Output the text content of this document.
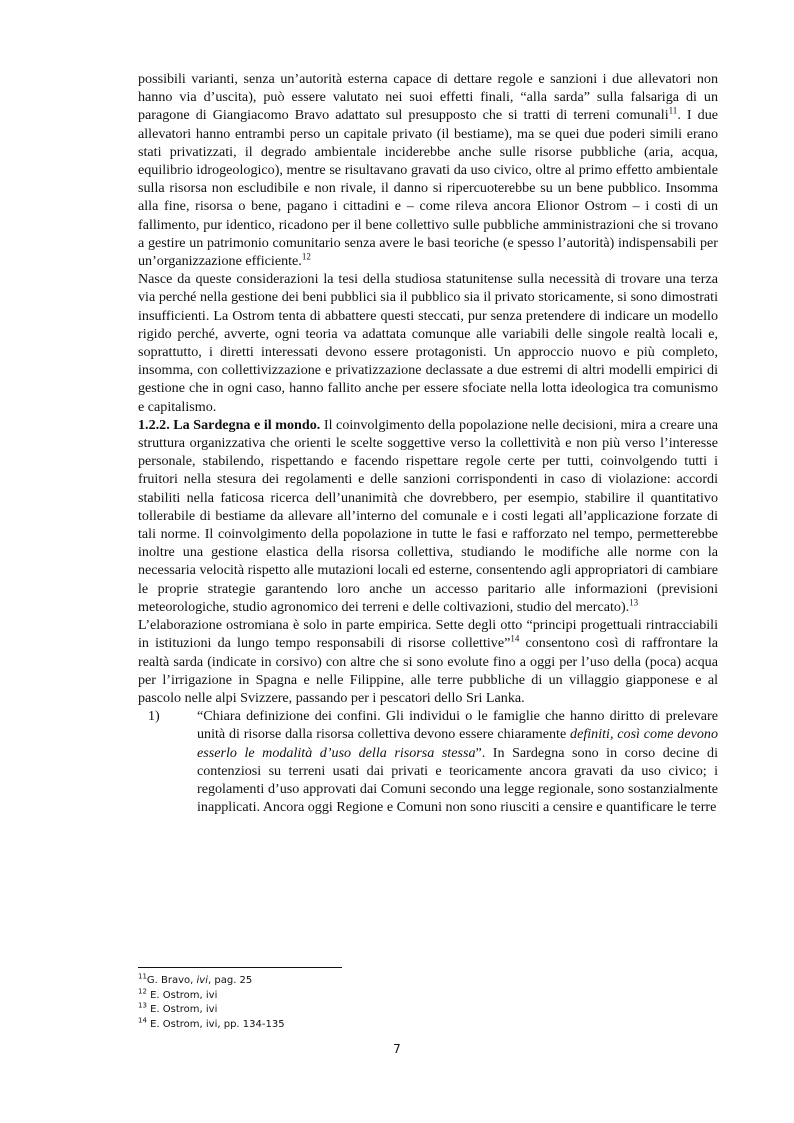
possibili varianti, senza un’autorità esterna capace di dettare regole e sanzioni i due allevatori non hanno via d’uscita), può essere valutato nei suoi effetti finali, “alla sarda” sulla falsariga di un paragone di Giangiacomo Bravo adattato sul presupposto che si tratti di terreni comunali$^{11}$. I due allevatori hanno entrambi perso un capitale privato (il bestiame), ma se quei due poderi simili erano stati privatizzati, il degrado ambientale inciderebbe anche sulle risorse pubbliche (aria, acqua, equilibrio idrogeologico), mentre se risultavano gravati da uso civico, oltre al primo effetto ambientale sulla risorsa non escludibile e non rivale, il danno si ripercuoterebbe su un bene pubblico. Insomma alla fine, risorsa o bene, pagano i cittadini e – come rileva ancora Elionor Ostrom – i costi di un fallimento, pur identico, ricadono per il bene collettivo sulle pubbliche amministrazioni che si trovano a gestire un patrimonio comunitario senza avere le basi teoriche (e spesso l’autorità) indispensabili per un’organizzazione efficiente.$^{12}$

Nasce da queste considerazioni la tesi della studiosa statunitense sulla necessità di trovare una terza via perché nella gestione dei beni pubblici sia il pubblico sia il privato storicamente, si sono dimostrati insufficienti. La Ostrom tenta di abbattere questi steccati, pur senza pretendere di indicare un modello rigido perché, avverte, ogni teoria va adattata comunque alle variabili delle singole realtà locali e, soprattutto, i diretti interessati devono essere protagonisti. Un approccio nuovo e più completo, insomma, con collettivizzazione e privatizzazione declassate a due estremi di altri modelli empirici di gestione che in ogni caso, hanno fallito anche per essere sfociate nella lotta ideologica tra comunismo e capitalismo.

1.2.2. La Sardegna e il mondo. Il coinvolgimento della popolazione nelle decisioni, mira a creare una struttura organizzativa che orienti le scelte soggettive verso la collettività e non più verso l’interesse personale, stabilendo, rispettando e facendo rispettare regole certe per tutti, coinvolgendo tutti i fruitori nella stesura dei regolamenti e delle sanzioni corrispondenti in caso di violazione: accordi stabiliti nella faticosa ricerca dell’unanimità che dovrebbero, per esempio, stabilire il quantitativo tollerabile di bestiame da allevare all’interno del comunale e i costi legati all’applicazione forzate di tali norme. Il coinvolgimento della popolazione in tutte le fasi e rafforzato nel tempo, permetterebbe inoltre una gestione elastica della risorsa collettiva, studiando le modifiche alle norme con la necessaria velocità rispetto alle mutazioni locali ed esterne, consentendo agli appropriatori di cambiare le proprie strategie garantendo loro anche un accesso paritario alle informazioni (previsioni meteorologiche, studio agronomico dei terreni e delle coltivazioni, studio del mercato).$^{13}$

L’elaborazione ostromiana è solo in parte empirica. Sette degli otto “principi progettuali rintracciabili in istituzioni da lungo tempo responsabili di risorse collettive”$^{14}$ consentono così di raffrontare la realtà sarda (indicate in corsivo) con altre che si sono evolute fino a oggi per l’uso della (poca) acqua per l’irrigazione in Spagna e nelle Filippine, alle terre pubbliche di un villaggio giapponese e al pascolo nelle alpi Svizzere, passando per i pescatori dello Sri Lanka.

1)	“Chiara definizione dei confini. Gli individui o le famiglie che hanno diritto di prelevare unità di risorse dalla risorsa collettiva devono essere chiaramente definiti, così come devono esserlo le modalità d’uso della risorsa stessa”. In Sardegna sono in corso decine di contenziosi su terreni usati dai privati e teoricamente ancora gravati da uso civico; i regolamenti d’uso approvati dai Comuni secondo una legge regionale, sono sostanzialmente inapplicati. Ancora oggi Regione e Comuni non sono riusciti a censire e quantificare le terre
$^{11}$G. Bravo, ivi, pag. 25
$^{12}$ E. Ostrom, ivi
$^{13}$ E. Ostrom, ivi
$^{14}$ E. Ostrom, ivi, pp. 134-135
7
